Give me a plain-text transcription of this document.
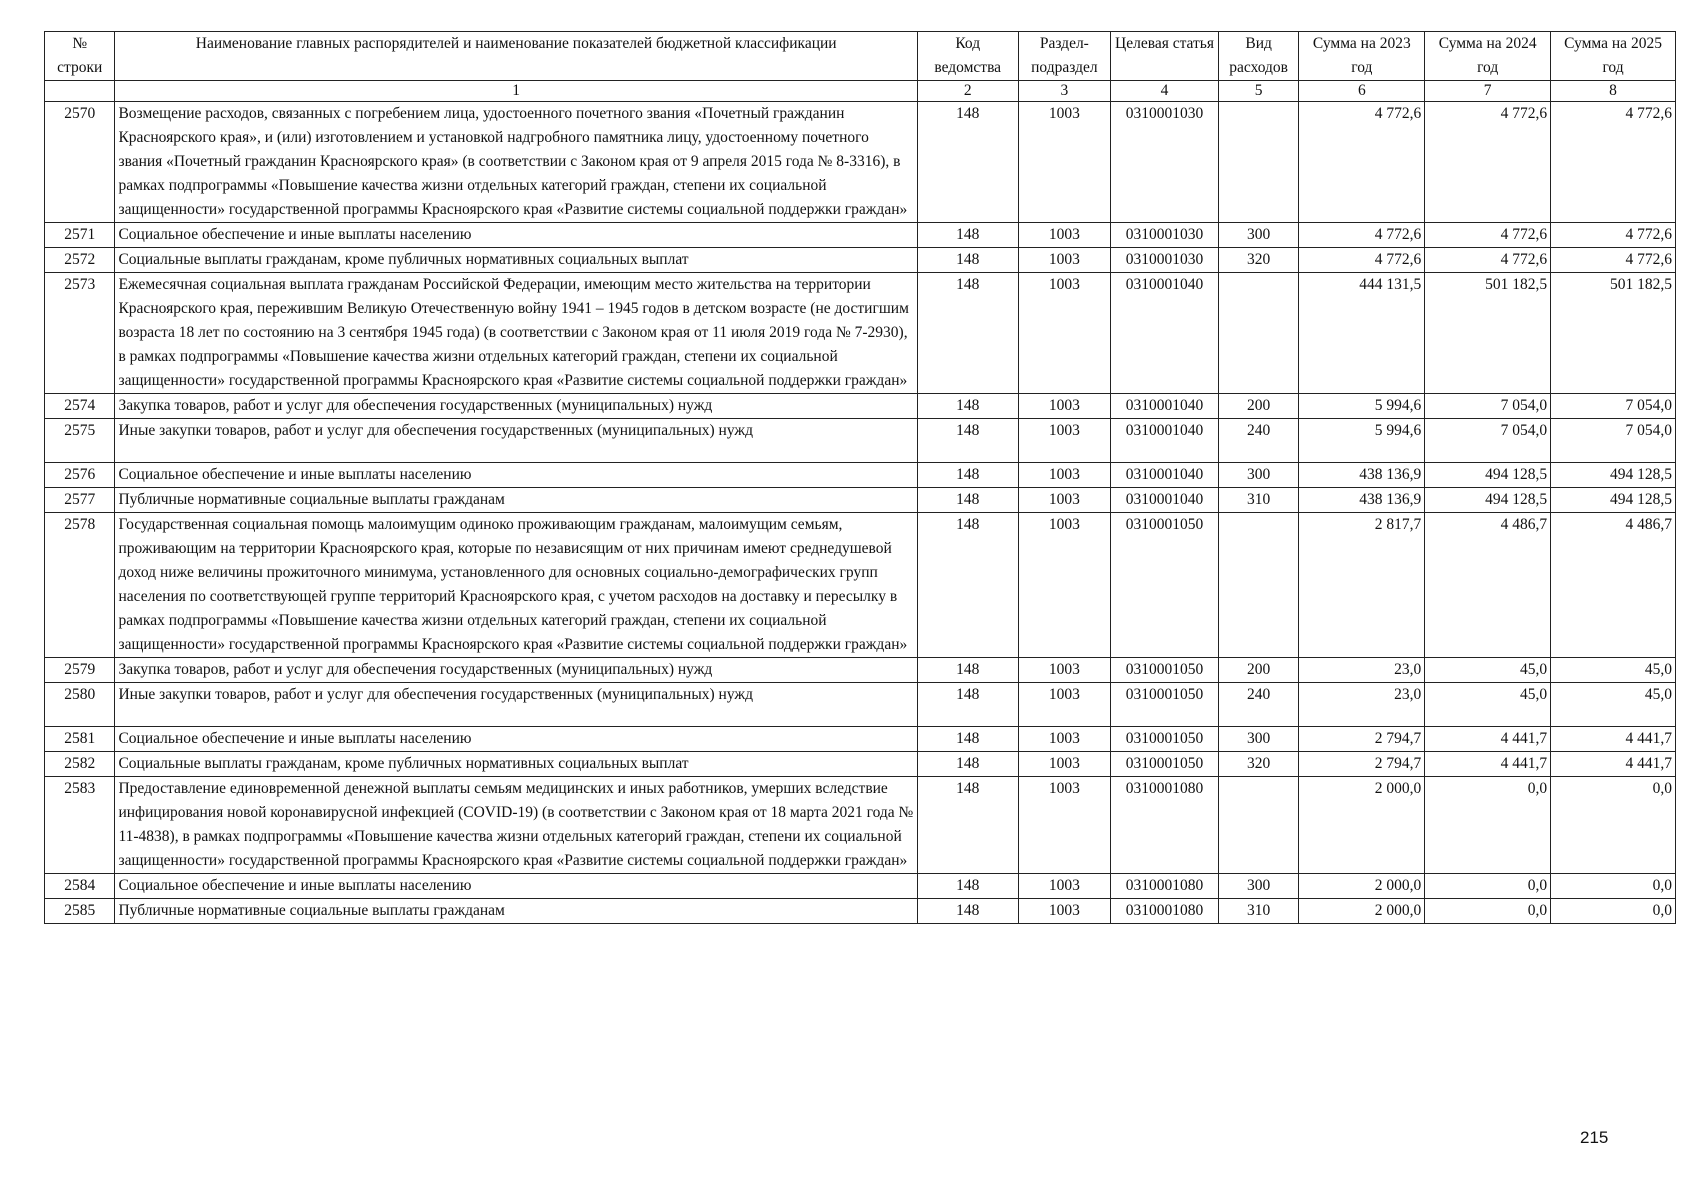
№ строки	Наименование главных распорядителей и наименование показателей бюджетной классификации	Код ведомства	Раздел-подраздел	Целевая статья	Вид расходов	Сумма на 2023 год	Сумма на 2024 год	Сумма на 2025 год
	1	2	3	4	5	6	7	8
2570	Возмещение расходов, связанных с погребением лица, удостоенного почетного звания «Почетный гражданин Красноярского края», и (или) изготовлением и установкой надгробного памятника лицу, удостоенному почетного звания «Почетный гражданин Красноярского края» (в соответствии с Законом края от 9 апреля 2015 года № 8-3316), в рамках подпрограммы «Повышение качества жизни отдельных категорий граждан, степени их социальной защищенности» государственной программы Красноярского края «Развитие системы социальной поддержки граждан»	148	1003	0310001030		4 772,6	4 772,6	4 772,6
2571	Социальное обеспечение и иные выплаты населению	148	1003	0310001030	300	4 772,6	4 772,6	4 772,6
2572	Социальные выплаты гражданам, кроме публичных нормативных социальных выплат	148	1003	0310001030	320	4 772,6	4 772,6	4 772,6
2573	Ежемесячная социальная выплата гражданам Российской Федерации, имеющим место жительства на территории Красноярского края, пережившим Великую Отечественную войну 1941 – 1945 годов в детском возрасте (не достигшим возраста 18 лет по состоянию на 3 сентября 1945 года) (в соответствии с Законом края от 11 июля 2019 года № 7-2930), в рамках подпрограммы «Повышение качества жизни отдельных категорий граждан, степени их социальной защищенности» государственной программы Красноярского края «Развитие системы социальной поддержки граждан»	148	1003	0310001040		444 131,5	501 182,5	501 182,5
2574	Закупка товаров, работ и услуг для обеспечения государственных (муниципальных) нужд	148	1003	0310001040	200	5 994,6	7 054,0	7 054,0
2575	Иные закупки товаров, работ и услуг для обеспечения государственных (муниципальных) нужд	148	1003	0310001040	240	5 994,6	7 054,0	7 054,0
2576	Социальное обеспечение и иные выплаты населению	148	1003	0310001040	300	438 136,9	494 128,5	494 128,5
2577	Публичные нормативные социальные выплаты гражданам	148	1003	0310001040	310	438 136,9	494 128,5	494 128,5
2578	Государственная социальная помощь малоимущим одиноко проживающим гражданам, малоимущим семьям, проживающим на территории Красноярского края, которые по независящим от них причинам имеют среднедушевой доход ниже величины прожиточного минимума, установленного для основных социально-демографических групп населения по соответствующей группе территорий Красноярского края, с учетом расходов на доставку и пересылку в рамках подпрограммы «Повышение качества жизни отдельных категорий граждан, степени их социальной защищенности» государственной программы Красноярского края «Развитие системы социальной поддержки граждан»	148	1003	0310001050		2 817,7	4 486,7	4 486,7
2579	Закупка товаров, работ и услуг для обеспечения государственных (муниципальных) нужд	148	1003	0310001050	200	23,0	45,0	45,0
2580	Иные закупки товаров, работ и услуг для обеспечения государственных (муниципальных) нужд	148	1003	0310001050	240	23,0	45,0	45,0
2581	Социальное обеспечение и иные выплаты населению	148	1003	0310001050	300	2 794,7	4 441,7	4 441,7
2582	Социальные выплаты гражданам, кроме публичных нормативных социальных выплат	148	1003	0310001050	320	2 794,7	4 441,7	4 441,7
2583	Предоставление единовременной денежной выплаты семьям медицинских и иных работников, умерших вследствие инфицирования новой коронавирусной инфекцией (COVID-19) (в соответствии с Законом края от 18 марта 2021 года № 11-4838), в рамках подпрограммы «Повышение качества жизни отдельных категорий граждан, степени их социальной защищенности» государственной программы Красноярского края «Развитие системы социальной поддержки граждан»	148	1003	0310001080		2 000,0	0,0	0,0
2584	Социальное обеспечение и иные выплаты населению	148	1003	0310001080	300	2 000,0	0,0	0,0
2585	Публичные нормативные социальные выплаты гражданам	148	1003	0310001080	310	2 000,0	0,0	0,0
215
